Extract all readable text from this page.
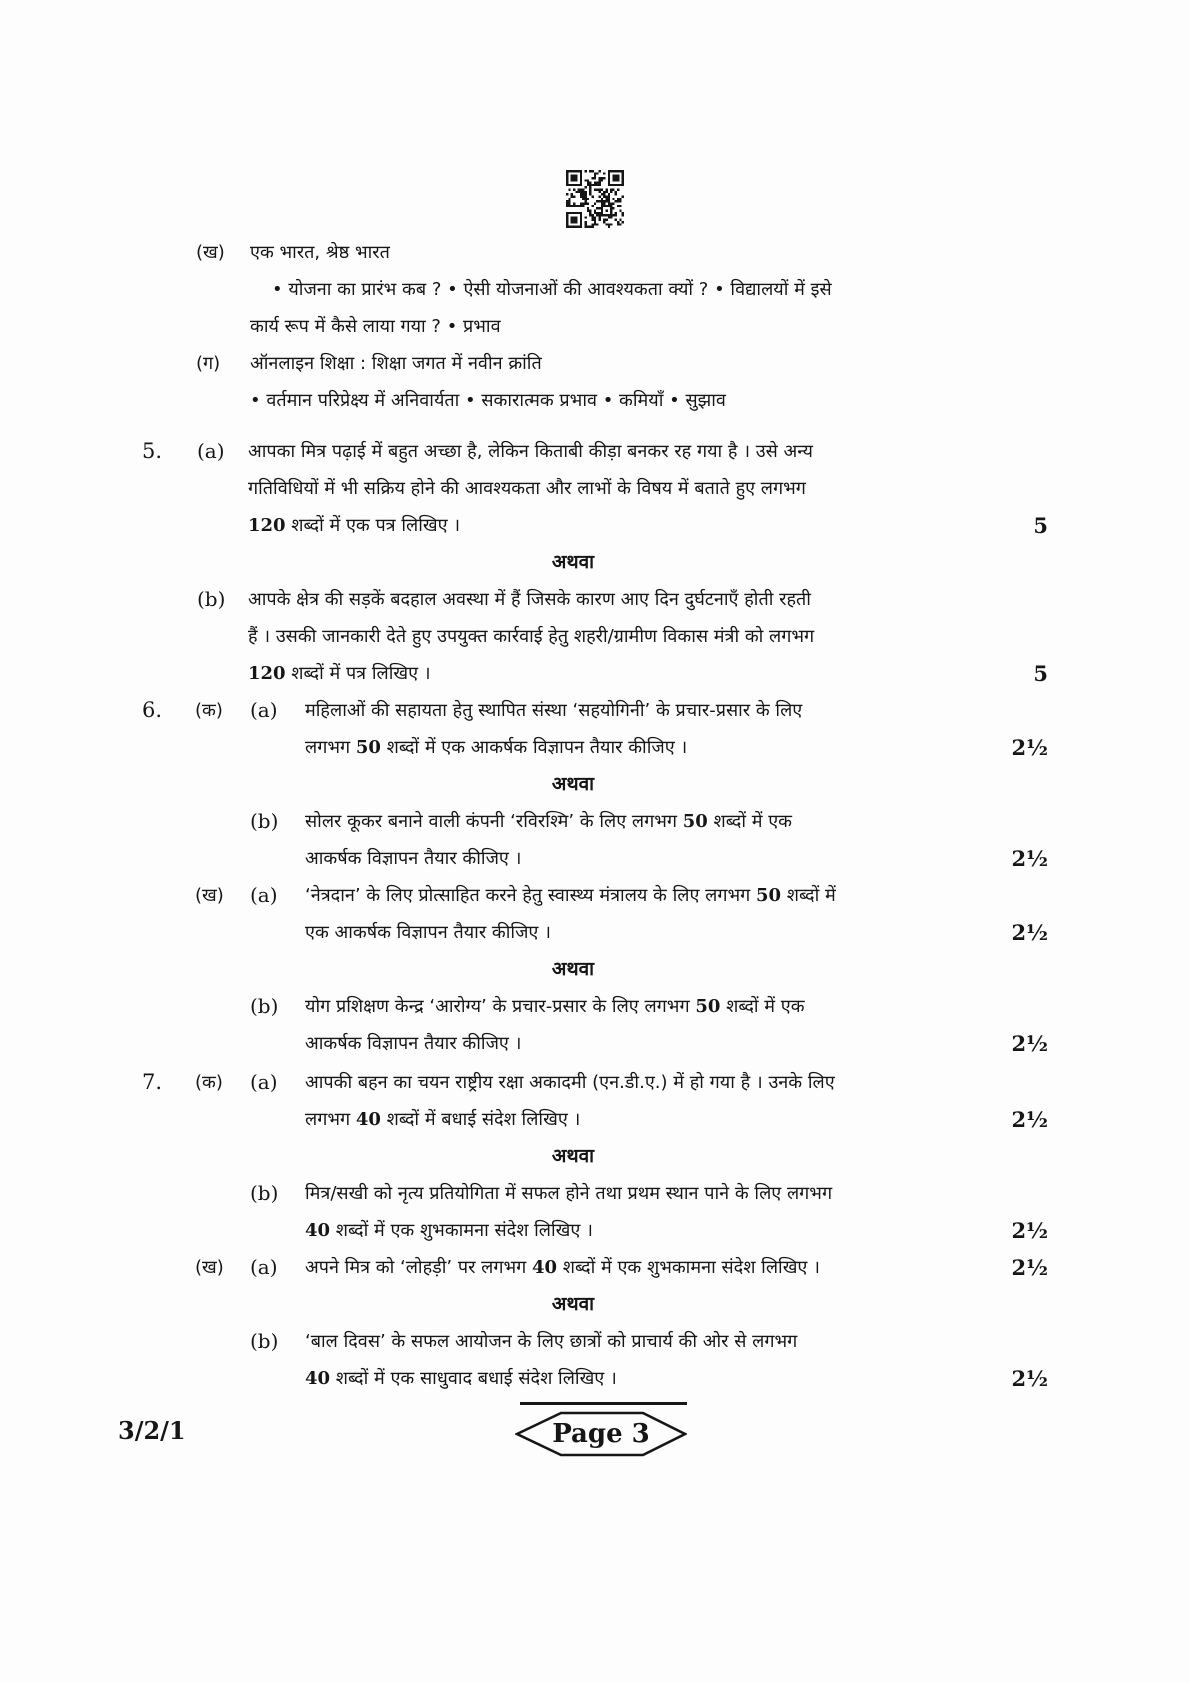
(ख)	एक भारत, श्रेष्ठ भारत
• योजना का प्रारंभ कब ? • ऐसी योजनाओं की आवश्यकता क्यों ? • विद्यालयों में इसे
कार्य रूप में कैसे लाया गया ? • प्रभाव
(ग)	ऑनलाइन शिक्षा : शिक्षा जगत में नवीन क्रांति
• वर्तमान परिप्रेक्ष्य में अनिवार्यता • सकारात्मक प्रभाव • कमियाँ • सुझाव
5.	(a)	आपका मित्र पढ़ाई में बहुत अच्छा है, लेकिन किताबी कीड़ा बनकर रह गया है । उसे अन्य
गतिविधियों में भी सक्रिय होने की आवश्यकता और लाभों के विषय में बताते हुए लगभग
120 शब्दों में एक पत्र लिखिए ।	5
अथवा
(b)	आपके क्षेत्र की सड़कें बदहाल अवस्था में हैं जिसके कारण आए दिन दुर्घटनाएँ होती रहती
हैं । उसकी जानकारी देते हुए उपयुक्त कार्रवाई हेतु शहरी/ग्रामीण विकास मंत्री को लगभग
120 शब्दों में पत्र लिखिए ।	5
6.	(क)	(a)	महिलाओं की सहायता हेतु स्थापित संस्था ‘सहयोगिनी’ के प्रचार-प्रसार के लिए
लगभग 50 शब्दों में एक आकर्षक विज्ञापन तैयार कीजिए ।	2½
अथवा
(b)	सोलर कूकर बनाने वाली कंपनी ‘रविरश्मि’ के लिए लगभग 50 शब्दों में एक
आकर्षक विज्ञापन तैयार कीजिए ।	2½
(ख)	(a)	‘नेत्रदान’ के लिए प्रोत्साहित करने हेतु स्वास्थ्य मंत्रालय के लिए लगभग 50 शब्दों में
एक आकर्षक विज्ञापन तैयार कीजिए ।	2½
अथवा
(b)	योग प्रशिक्षण केन्द्र ‘आरोग्य’ के प्रचार-प्रसार के लिए लगभग 50 शब्दों में एक
आकर्षक विज्ञापन तैयार कीजिए ।	2½
7.	(क)	(a)	आपकी बहन का चयन राष्ट्रीय रक्षा अकादमी (एन.डी.ए.) में हो गया है । उनके लिए
लगभग 40 शब्दों में बधाई संदेश लिखिए ।	2½
अथवा
(b)	मित्र/सखी को नृत्य प्रतियोगिता में सफल होने तथा प्रथम स्थान पाने के लिए लगभग
40 शब्दों में एक शुभकामना संदेश लिखिए ।	2½
(ख)	(a)	अपने मित्र को ‘लोहड़ी’ पर लगभग 40 शब्दों में एक शुभकामना संदेश लिखिए ।	2½
अथवा
(b)	‘बाल दिवस’ के सफल आयोजन के लिए छात्रों को प्राचार्य की ओर से लगभग
40 शब्दों में एक साधुवाद बधाई संदेश लिखिए ।	2½
3/2/1	Page 3
